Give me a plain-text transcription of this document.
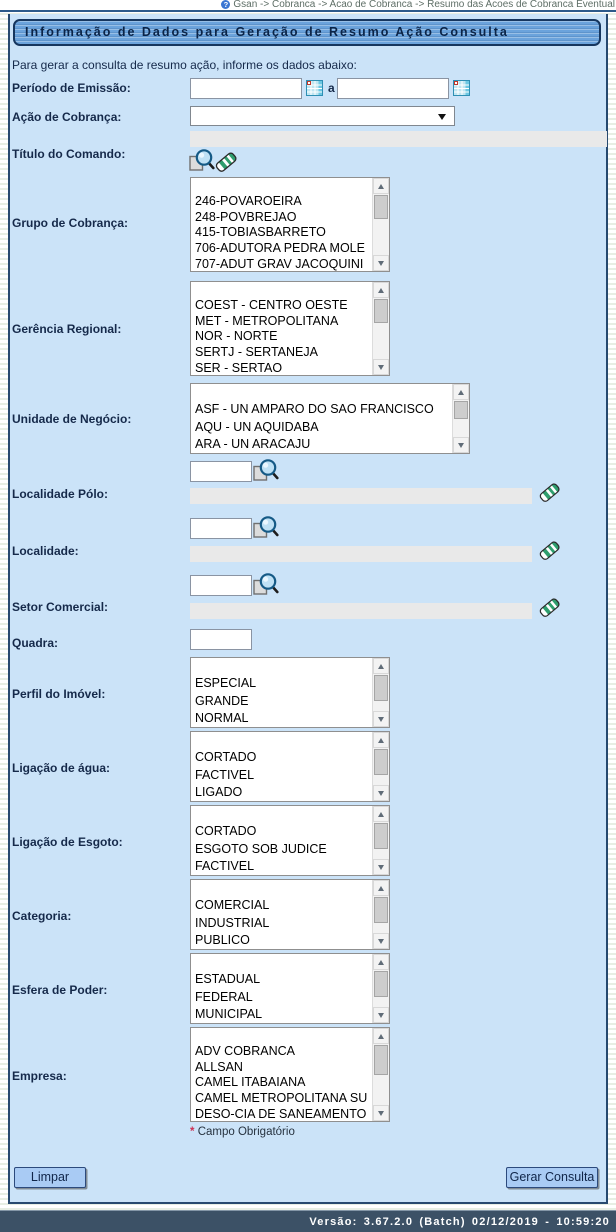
? Gsan -> Cobranca -> Acao de Cobranca -> Resumo das Acoes de Cobranca Eventual
Informação de Dados para Geração de Resumo Ação Consulta
Para gerar a consulta de resumo ação, informe os dados abaixo:
Período de Emissão:	a
Ação de Cobrança:
Título do Comando:
Grupo de Cobrança:
246-POVAROEIRA
248-POVBREJAO
415-TOBIASBARRETO
706-ADUTORA PEDRA MOLE
707-ADUT GRAV JACOQUINI
Gerência Regional:
COEST - CENTRO OESTE
MET - METROPOLITANA
NOR - NORTE
SERTJ - SERTANEJA
SER - SERTAO
Unidade de Negócio:
ASF - UN AMPARO DO SAO FRANCISCO
AQU - UN AQUIDABA
ARA - UN ARACAJU
Localidade Pólo:
Localidade:
Setor Comercial:
Quadra:
Perfil do Imóvel:
ESPECIAL
GRANDE
NORMAL
Ligação de água:
CORTADO
FACTIVEL
LIGADO
Ligação de Esgoto:
CORTADO
ESGOTO SOB JUDICE
FACTIVEL
Categoria:
COMERCIAL
INDUSTRIAL
PUBLICO
Esfera de Poder:
ESTADUAL
FEDERAL
MUNICIPAL
Empresa:
ADV COBRANCA
ALLSAN
CAMEL ITABAIANA
CAMEL METROPOLITANA SU
DESO-CIA DE SANEAMENTO
* Campo Obrigatório
Limpar	Gerar Consulta
Versão: 3.67.2.0 (Batch) 02/12/2019 - 10:59:20
